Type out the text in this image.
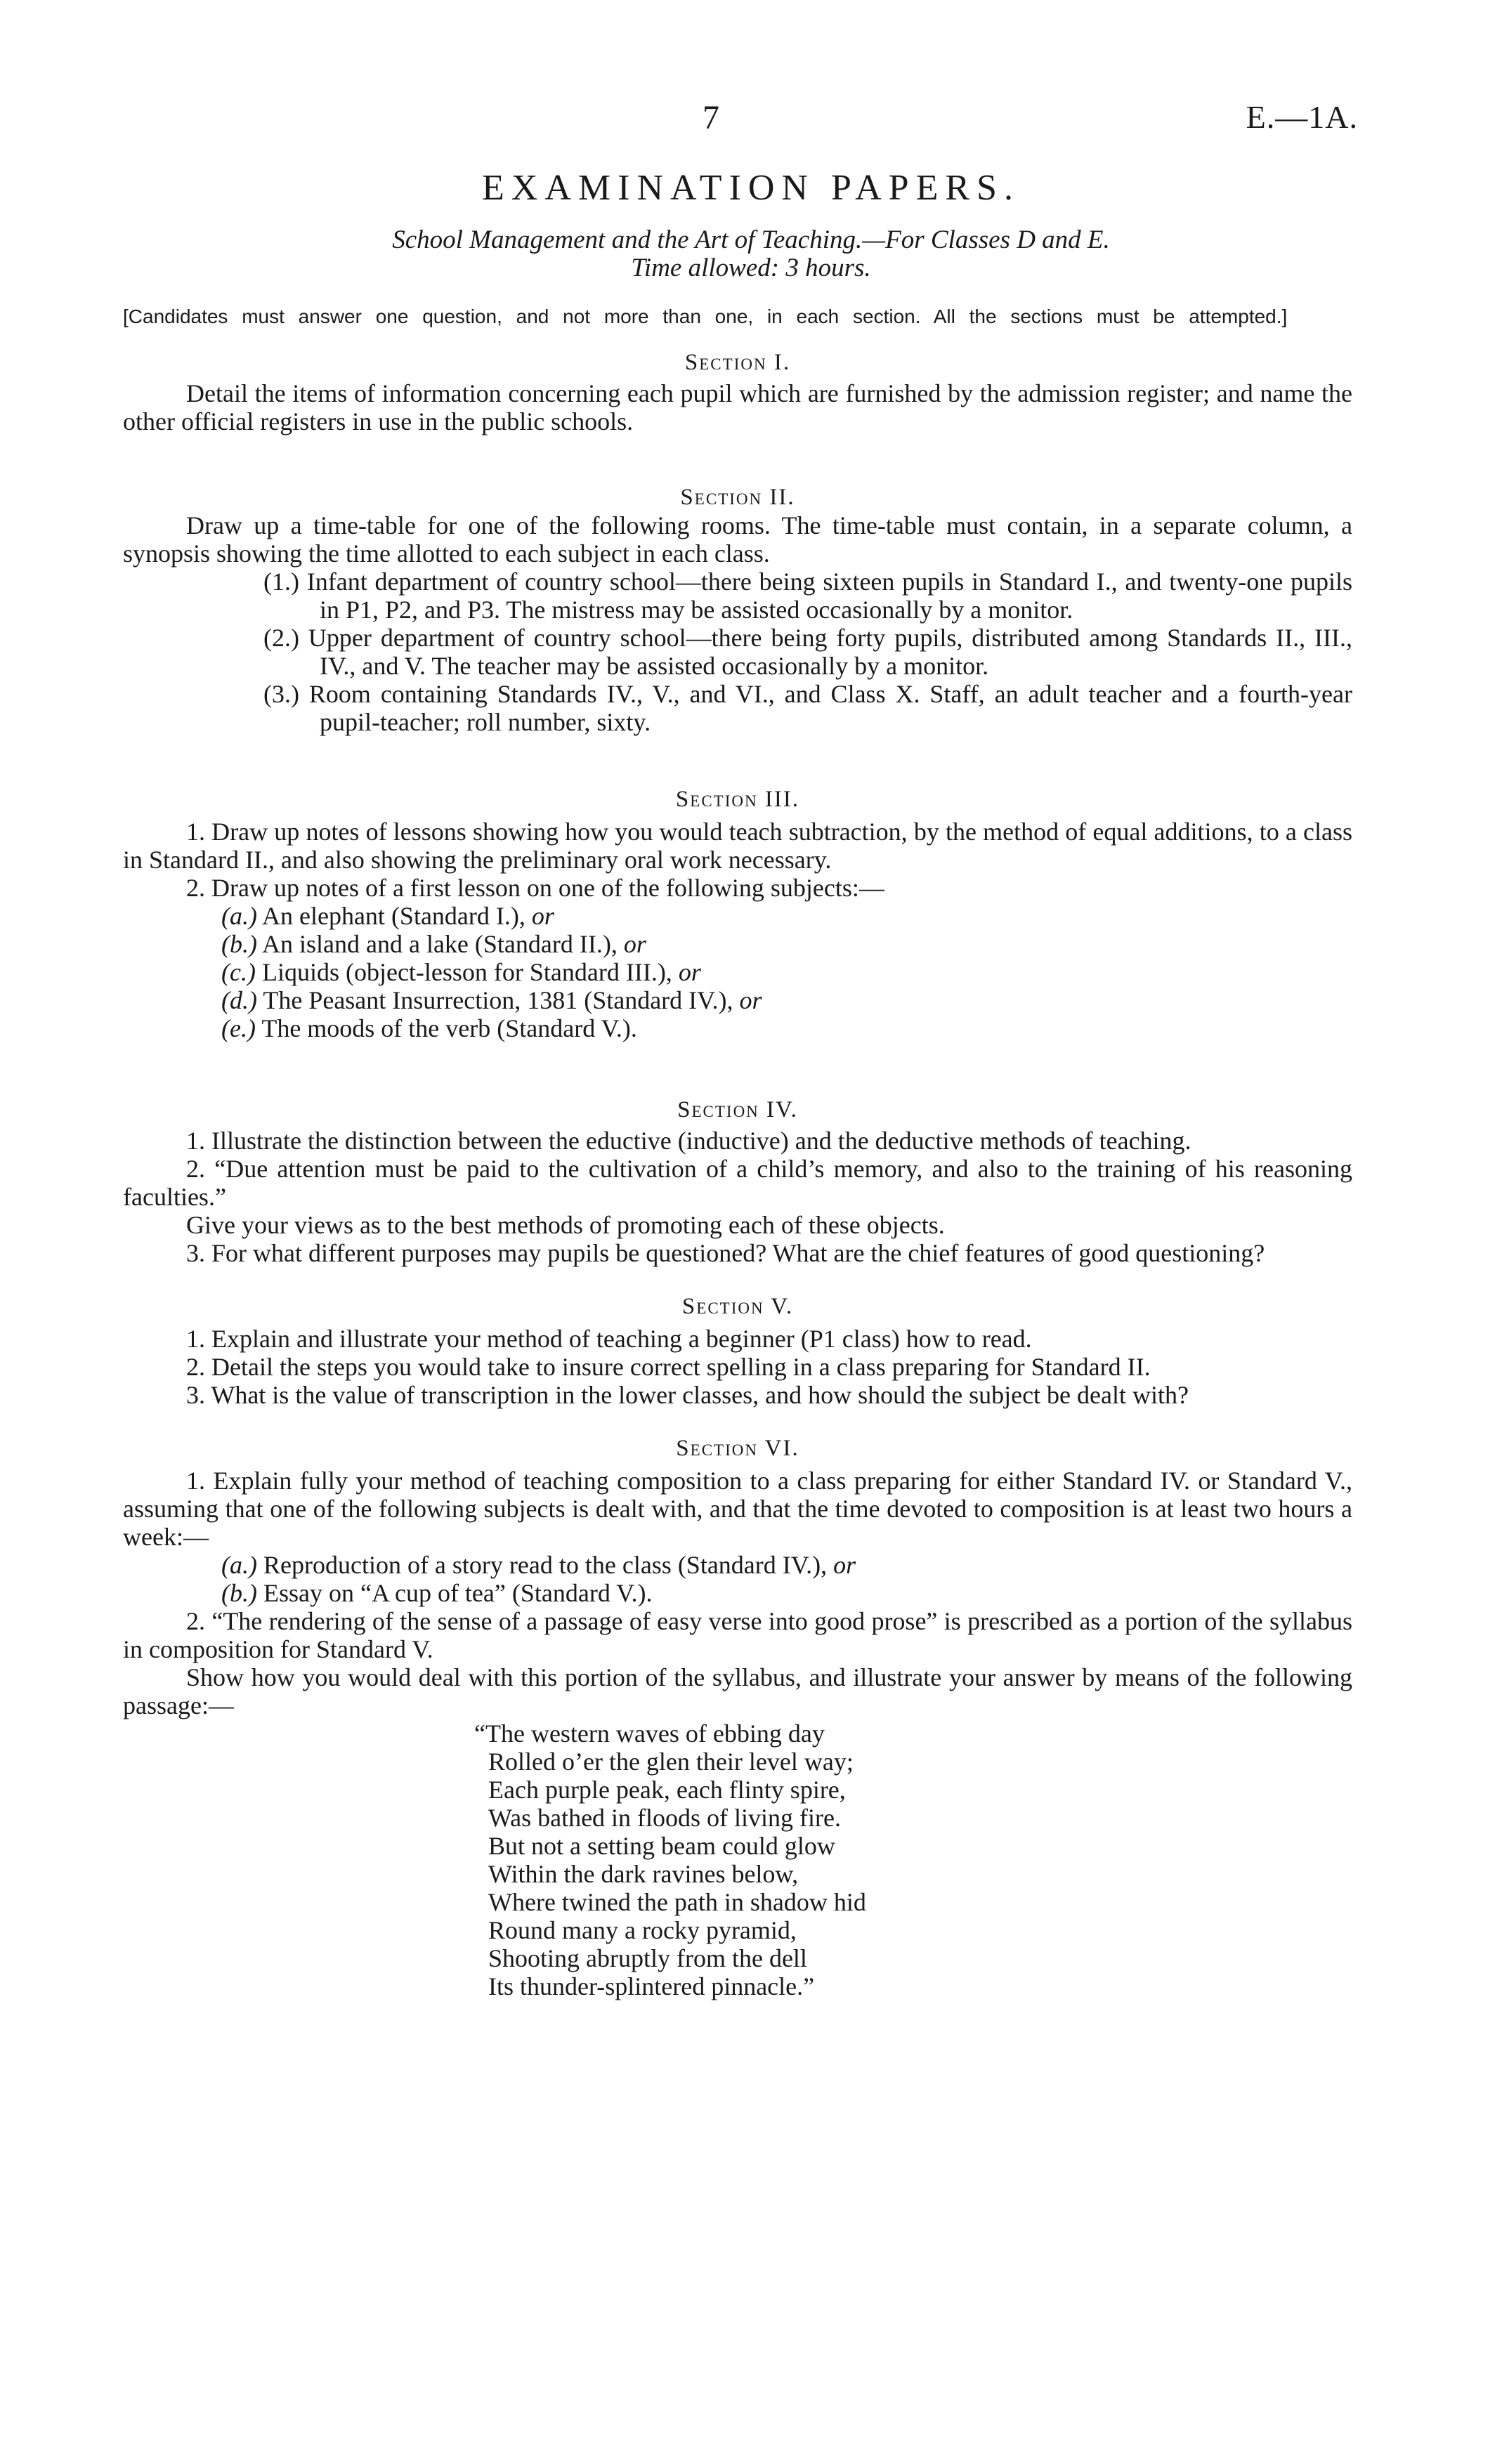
7	E.—1A.
EXAMINATION PAPERS.
School Management and the Art of Teaching.—For Classes D and E.
Time allowed: 3 hours.

[Candidates must answer one question, and not more than one, in each section. All the sections must be attempted.]

Section I.

Detail the items of information concerning each pupil which are furnished by the admission register; and name the other official registers in use in the public schools.

Section II.

Draw up a time-table for one of the following rooms. The time-table must contain, in a separate column, a synopsis showing the time allotted to each subject in each class.

(1.) Infant department of country school—there being sixteen pupils in Standard I., and twenty-one pupils in P1, P2, and P3. The mistress may be assisted occasionally by a monitor.

(2.) Upper department of country school—there being forty pupils, distributed among Standards II., III., IV., and V. The teacher may be assisted occasionally by a monitor.

(3.) Room containing Standards IV., V., and VI., and Class X. Staff, an adult teacher and a fourth-year pupil-teacher; roll number, sixty.

Section III.

1. Draw up notes of lessons showing how you would teach subtraction, by the method of equal additions, to a class in Standard II., and also showing the preliminary oral work necessary.

2. Draw up notes of a first lesson on one of the following subjects:—

(a.) An elephant (Standard I.), or

(b.) An island and a lake (Standard II.), or

(c.) Liquids (object-lesson for Standard III.), or

(d.) The Peasant Insurrection, 1381 (Standard IV.), or

(e.) The moods of the verb (Standard V.).

Section IV.

1. Illustrate the distinction between the eductive (inductive) and the deductive methods of teaching.

2. “Due attention must be paid to the cultivation of a child’s memory, and also to the training of his reasoning faculties.”

Give your views as to the best methods of promoting each of these objects.

3. For what different purposes may pupils be questioned? What are the chief features of good questioning?

Section V.

1. Explain and illustrate your method of teaching a beginner (P1 class) how to read.

2. Detail the steps you would take to insure correct spelling in a class preparing for Standard II.

3. What is the value of transcription in the lower classes, and how should the subject be dealt with?

Section VI.

1. Explain fully your method of teaching composition to a class preparing for either Standard IV. or Standard V., assuming that one of the following subjects is dealt with, and that the time devoted to composition is at least two hours a week:—

(a.) Reproduction of a story read to the class (Standard IV.), or

(b.) Essay on “A cup of tea” (Standard V.).

2. “The rendering of the sense of a passage of easy verse into good prose” is prescribed as a portion of the syllabus in composition for Standard V.

Show how you would deal with this portion of the syllabus, and illustrate your answer by means of the following passage:—

“The western waves of ebbing day

Rolled o’er the glen their level way;

Each purple peak, each flinty spire,

Was bathed in floods of living fire.

But not a setting beam could glow

Within the dark ravines below,

Where twined the path in shadow hid

Round many a rocky pyramid,

Shooting abruptly from the dell

Its thunder-splintered pinnacle.”
